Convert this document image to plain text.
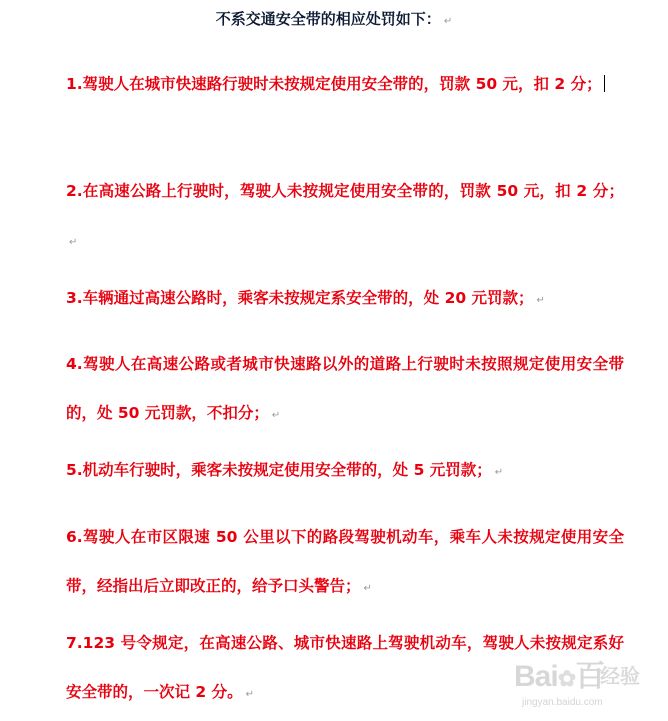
不系交通安全带的相应处罚如下： ↵
1.驾驶人在城市快速路行驶时未按规定使用安全带的，罚款 50 元，扣 2 分；
2.在高速公路上行驶时，驾驶人未按规定使用安全带的，罚款 50 元，扣 2 分；↵
3.车辆通过高速公路时，乘客未按规定系安全带的，处 20 元罚款； ↵
4.驾驶人在高速公路或者城市快速路以外的道路上行驶时未按照规定使用安全带的，处 50 元罚款，不扣分； ↵
5.机动车行驶时，乘客未按规定使用安全带的，处 5 元罚款； ↵
6.驾驶人在市区限速 50 公里以下的路段驾驶机动车，乘车人未按规定使用安全带，经指出后立即改正的，给予口头警告； ↵
7.123 号令规定，在高速公路、城市快速路上驾驶机动车，驾驶人未按规定系好安全带的，一次记 2 分。 ↵
Bai✿百
经验
jingyan.baidu.com
